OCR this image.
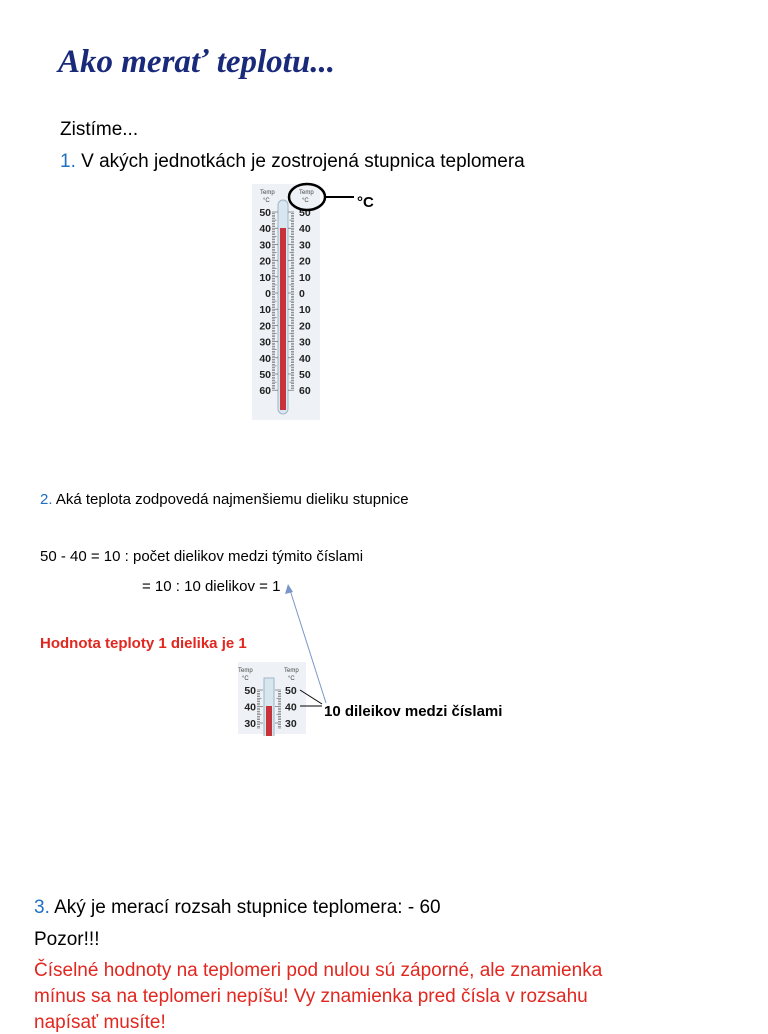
Ako merať teplotu...
Zistíme...
1. V akých jednotkách je zostrojená stupnica teplomera
Temp
°C
Temp
°C
50	50
40	40
30	30
20	20
10	10
0	0
10	10
20	20
30	30
40	40
50	50
60	60
°C
2. Aká teplota zodpovedá najmenšiemu dieliku stupnice
50 - 40 = 10 : počet dielikov medzi týmito číslami
= 10 : 10 dielikov = 1
Hodnota teploty 1 dielika je 1
Temp
°C
Temp
°C
50	50
40	40
30	30
10 dileikov medzi číslami
3. Aký je merací rozsah stupnice teplomera: - 60
Pozor!!!
Číselné hodnoty na teplomeri pod nulou sú záporné, ale znamienka
mínus sa na teplomeri nepíšu! Vy znamienka pred čísla v rozsahu
napísať musíte!
